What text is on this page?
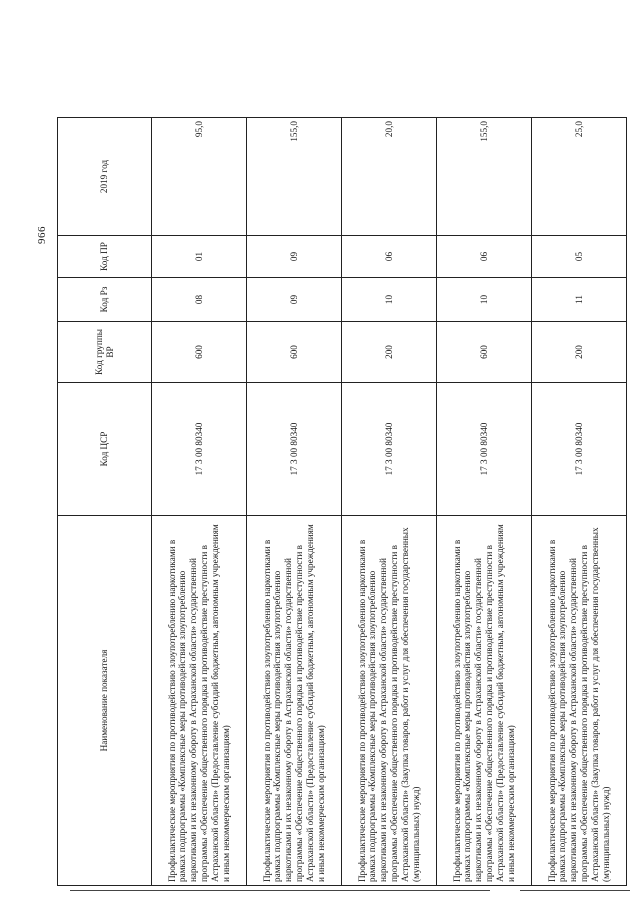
966
Наименование показателя	Код ЦСР	Код группы ВР	Код Рз	Код ПР	2019 год
Профилактические мероприятия по противодействию злоупотреблению наркотиками в рамках подпрограммы «Комплексные меры противодействия злоупотреблению наркотиками и их незаконному обороту в Астраханской области» государственной программы «Обеспечение общественного порядка и противодействие преступности в Астраханской области» (Предоставление субсидий бюджетным, автономным учреждениям и иным некоммерческим организациям)	17 3 00 80340	600	08	01	95,0
Профилактические мероприятия по противодействию злоупотреблению наркотиками в рамках подпрограммы «Комплексные меры противодействия злоупотреблению наркотиками и их незаконному обороту в Астраханской области» государственной программы «Обеспечение общественного порядка и противодействие преступности в Астраханской области» (Предоставление субсидий бюджетным, автономным учреждениям и иным некоммерческим организациям)	17 3 00 80340	600	09	09	155,0
Профилактические мероприятия по противодействию злоупотреблению наркотиками в рамках подпрограммы «Комплексные меры противодействия злоупотреблению наркотиками и их незаконному обороту в Астраханской области» государственной программы «Обеспечение общественного порядка и противодействие преступности в Астраханской области» (Закупка товаров, работ и услуг для обеспечения государственных (муниципальных) нужд)	17 3 00 80340	200	10	06	20,0
Профилактические мероприятия по противодействию злоупотреблению наркотиками в рамках подпрограммы «Комплексные меры противодействия злоупотреблению наркотиками и их незаконному обороту в Астраханской области» государственной программы «Обеспечение общественного порядка и противодействие преступности в Астраханской области» (Предоставление субсидий бюджетным, автономным учреждениям и иным некоммерческим организациям)	17 3 00 80340	600	10	06	155,0
Профилактические мероприятия по противодействию злоупотреблению наркотиками в рамках подпрограммы «Комплексные меры противодействия злоупотреблению наркотиками и их незаконному обороту в Астраханской области» государственной программы «Обеспечение общественного порядка и противодействие преступности в Астраханской области» (Закупка товаров, работ и услуг для обеспечения государственных (муниципальных) нужд)	17 3 00 80340	200	11	05	25,0
